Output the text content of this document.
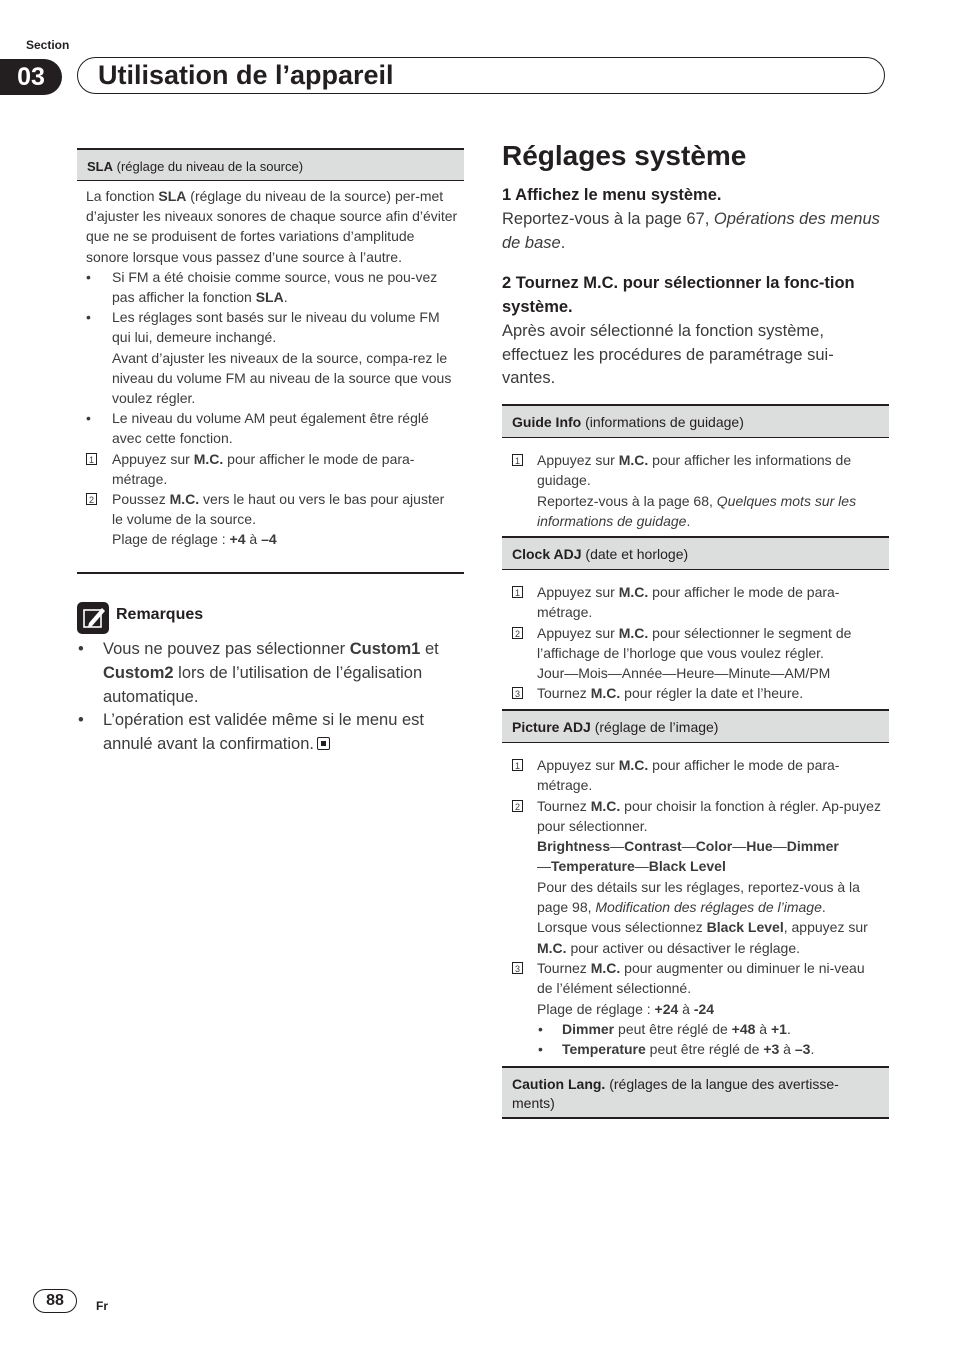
Section
03	Utilisation de l’appareil
SLA (réglage du niveau de la source)
La fonction SLA (réglage du niveau de la source) per-met d’ajuster les niveaux sonores de chaque source afin d’éviter que ne se produisent de fortes variations d’amplitude sonore lorsque vous passez d’une source à l’autre.
• Si FM a été choisie comme source, vous ne pou-vez pas afficher la fonction SLA.
• Les réglages sont basés sur le niveau du volume FM qui lui, demeure inchangé.
Avant d’ajuster les niveaux de la source, compa-rez le niveau du volume FM au niveau de la source que vous voulez régler.
• Le niveau du volume AM peut également être réglé avec cette fonction.
1 Appuyez sur M.C. pour afficher le mode de para-métrage.
2 Poussez M.C. vers le haut ou vers le bas pour ajuster le volume de la source.
Plage de réglage : +4 à –4
Remarques
• Vous ne pouvez pas sélectionner Custom1 et Custom2 lors de l’utilisation de l’égalisation automatique.
• L’opération est validée même si le menu est annulé avant la confirmation.
Réglages système
1 Affichez le menu système.
Reportez-vous à la page 67, Opérations des menus de base.
2 Tournez M.C. pour sélectionner la fonc-tion système.
Après avoir sélectionné la fonction système, effectuez les procédures de paramétrage sui-vantes.
Guide Info (informations de guidage)
1 Appuyez sur M.C. pour afficher les informations de guidage.
Reportez-vous à la page 68, Quelques mots sur les informations de guidage.
Clock ADJ (date et horloge)
1 Appuyez sur M.C. pour afficher le mode de para-métrage.
2 Appuyez sur M.C. pour sélectionner le segment de l’affichage de l’horloge que vous voulez régler.
Jour—Mois—Année—Heure—Minute—AM/PM
3 Tournez M.C. pour régler la date et l’heure.
Picture ADJ (réglage de l’image)
1 Appuyez sur M.C. pour afficher le mode de para-métrage.
2 Tournez M.C. pour choisir la fonction à régler. Ap-puyez pour sélectionner.
Brightness—Contrast—Color—Hue—Dimmer
—Temperature—Black Level
Pour des détails sur les réglages, reportez-vous à la page 98, Modification des réglages de l’image.
Lorsque vous sélectionnez Black Level, appuyez sur M.C. pour activer ou désactiver le réglage.
3 Tournez M.C. pour augmenter ou diminuer le ni-veau de l’élément sélectionné.
Plage de réglage : +24 à -24
• Dimmer peut être réglé de +48 à +1.
• Temperature peut être réglé de +3 à –3.
Caution Lang. (réglages de la langue des avertisse-ments)
88	Fr
